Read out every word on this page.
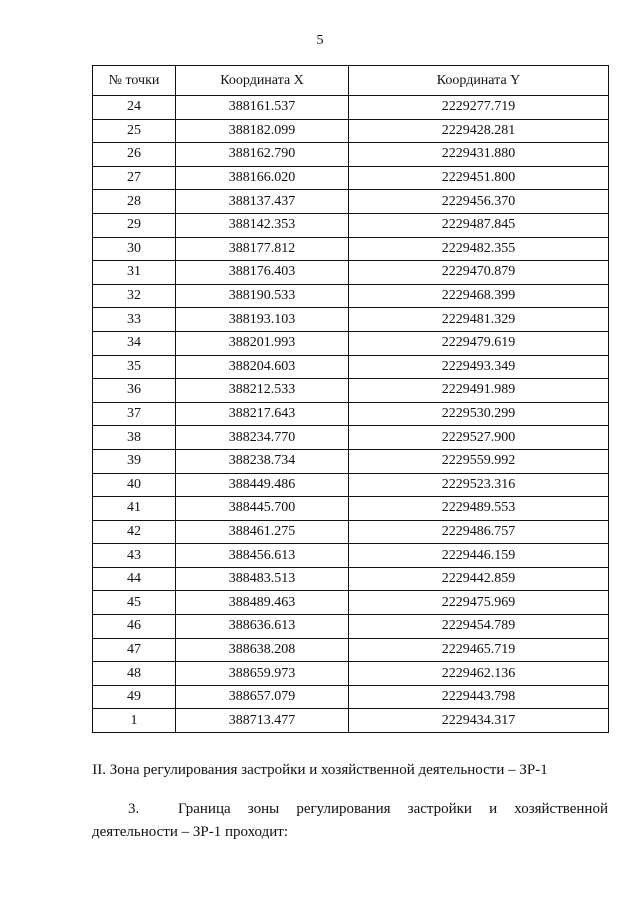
5
№ точки	Координата X	Координата Y
24	388161.537	2229277.719
25	388182.099	2229428.281
26	388162.790	2229431.880
27	388166.020	2229451.800
28	388137.437	2229456.370
29	388142.353	2229487.845
30	388177.812	2229482.355
31	388176.403	2229470.879
32	388190.533	2229468.399
33	388193.103	2229481.329
34	388201.993	2229479.619
35	388204.603	2229493.349
36	388212.533	2229491.989
37	388217.643	2229530.299
38	388234.770	2229527.900
39	388238.734	2229559.992
40	388449.486	2229523.316
41	388445.700	2229489.553
42	388461.275	2229486.757
43	388456.613	2229446.159
44	388483.513	2229442.859
45	388489.463	2229475.969
46	388636.613	2229454.789
47	388638.208	2229465.719
48	388659.973	2229462.136
49	388657.079	2229443.798
1	388713.477	2229434.317
II. Зона регулирования застройки и хозяйственной деятельности – ЗР-1
3.	Граница зоны регулирования застройки и хозяйственной
деятельности – ЗР-1 проходит:
